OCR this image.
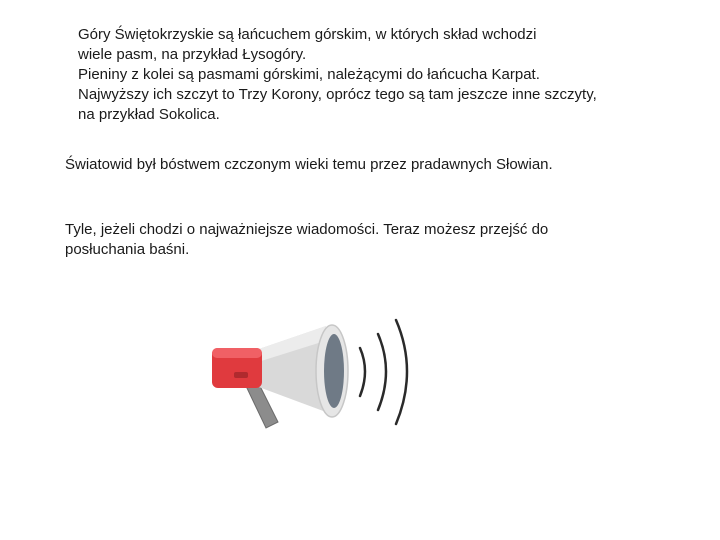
Góry Świętokrzyskie są łańcuchem górskim, w których skład wchodzi
wiele pasm, na przykład Łysogóry.
Pieniny z kolei są pasmami górskimi, należącymi do łańcucha Karpat.
Najwyższy ich szczyt to Trzy Korony, oprócz tego są tam jeszcze inne szczyty,
na przykład Sokolica.
Światowid był bóstwem czczonym wieki temu przez pradawnych Słowian.
Tyle, jeżeli chodzi o najważniejsze wiadomości. Teraz możesz przejść do
posłuchania baśni.
